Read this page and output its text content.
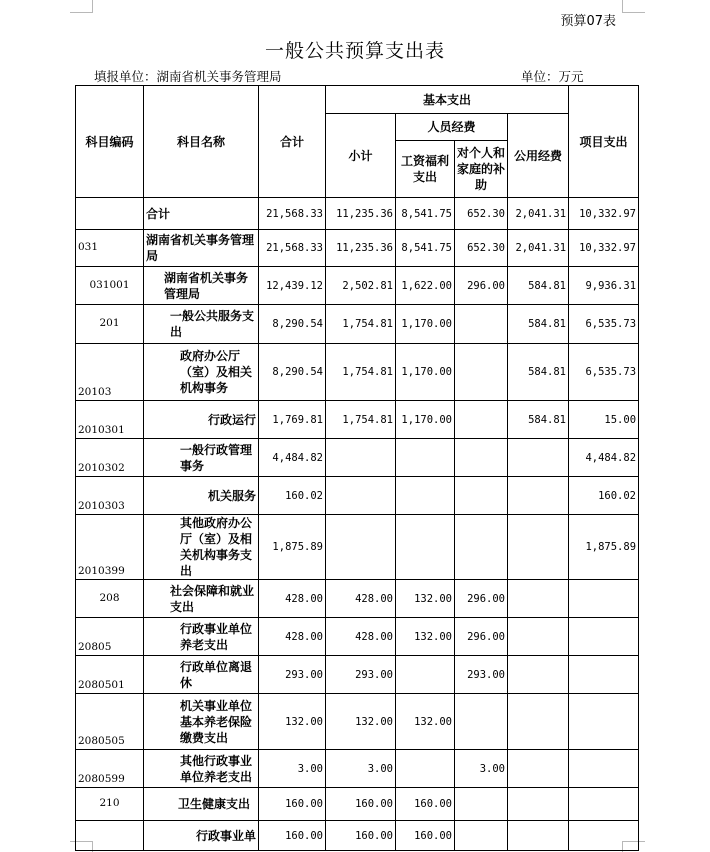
预算07表
一般公共预算支出表
填报单位：湖南省机关事务管理局	单位：万元
科目编码	科目名称	合计	基本支出				项目支出
			小计	人员经费		公用经费	
				工资福利支出	对个人和家庭的补助		
	合计	21,568.33	11,235.36	8,541.75	652.30	2,041.31	10,332.97
031	湖南省机关事务管理局	21,568.33	11,235.36	8,541.75	652.30	2,041.31	10,332.97
031001	湖南省机关事务管理局	12,439.12	2,502.81	1,622.00	296.00	584.81	9,936.31
201	一般公共服务支出	8,290.54	1,754.81	1,170.00		584.81	6,535.73
20103	政府办公厅（室）及相关机构事务	8,290.54	1,754.81	1,170.00		584.81	6,535.73
2010301	行政运行	1,769.81	1,754.81	1,170.00		584.81	15.00
2010302	一般行政管理事务	4,484.82					4,484.82
2010303	机关服务	160.02					160.02
2010399	其他政府办公厅（室）及相关机构事务支出	1,875.89					1,875.89
208	社会保障和就业支出	428.00	428.00	132.00	296.00		
20805	行政事业单位养老支出	428.00	428.00	132.00	296.00		
2080501	行政单位离退休	293.00	293.00		293.00		
2080505	机关事业单位基本养老保险缴费支出	132.00	132.00	132.00			
2080599	其他行政事业单位养老支出	3.00	3.00		3.00		
210	卫生健康支出	160.00	160.00	160.00			
	行政事业单	160.00	160.00	160.00			
